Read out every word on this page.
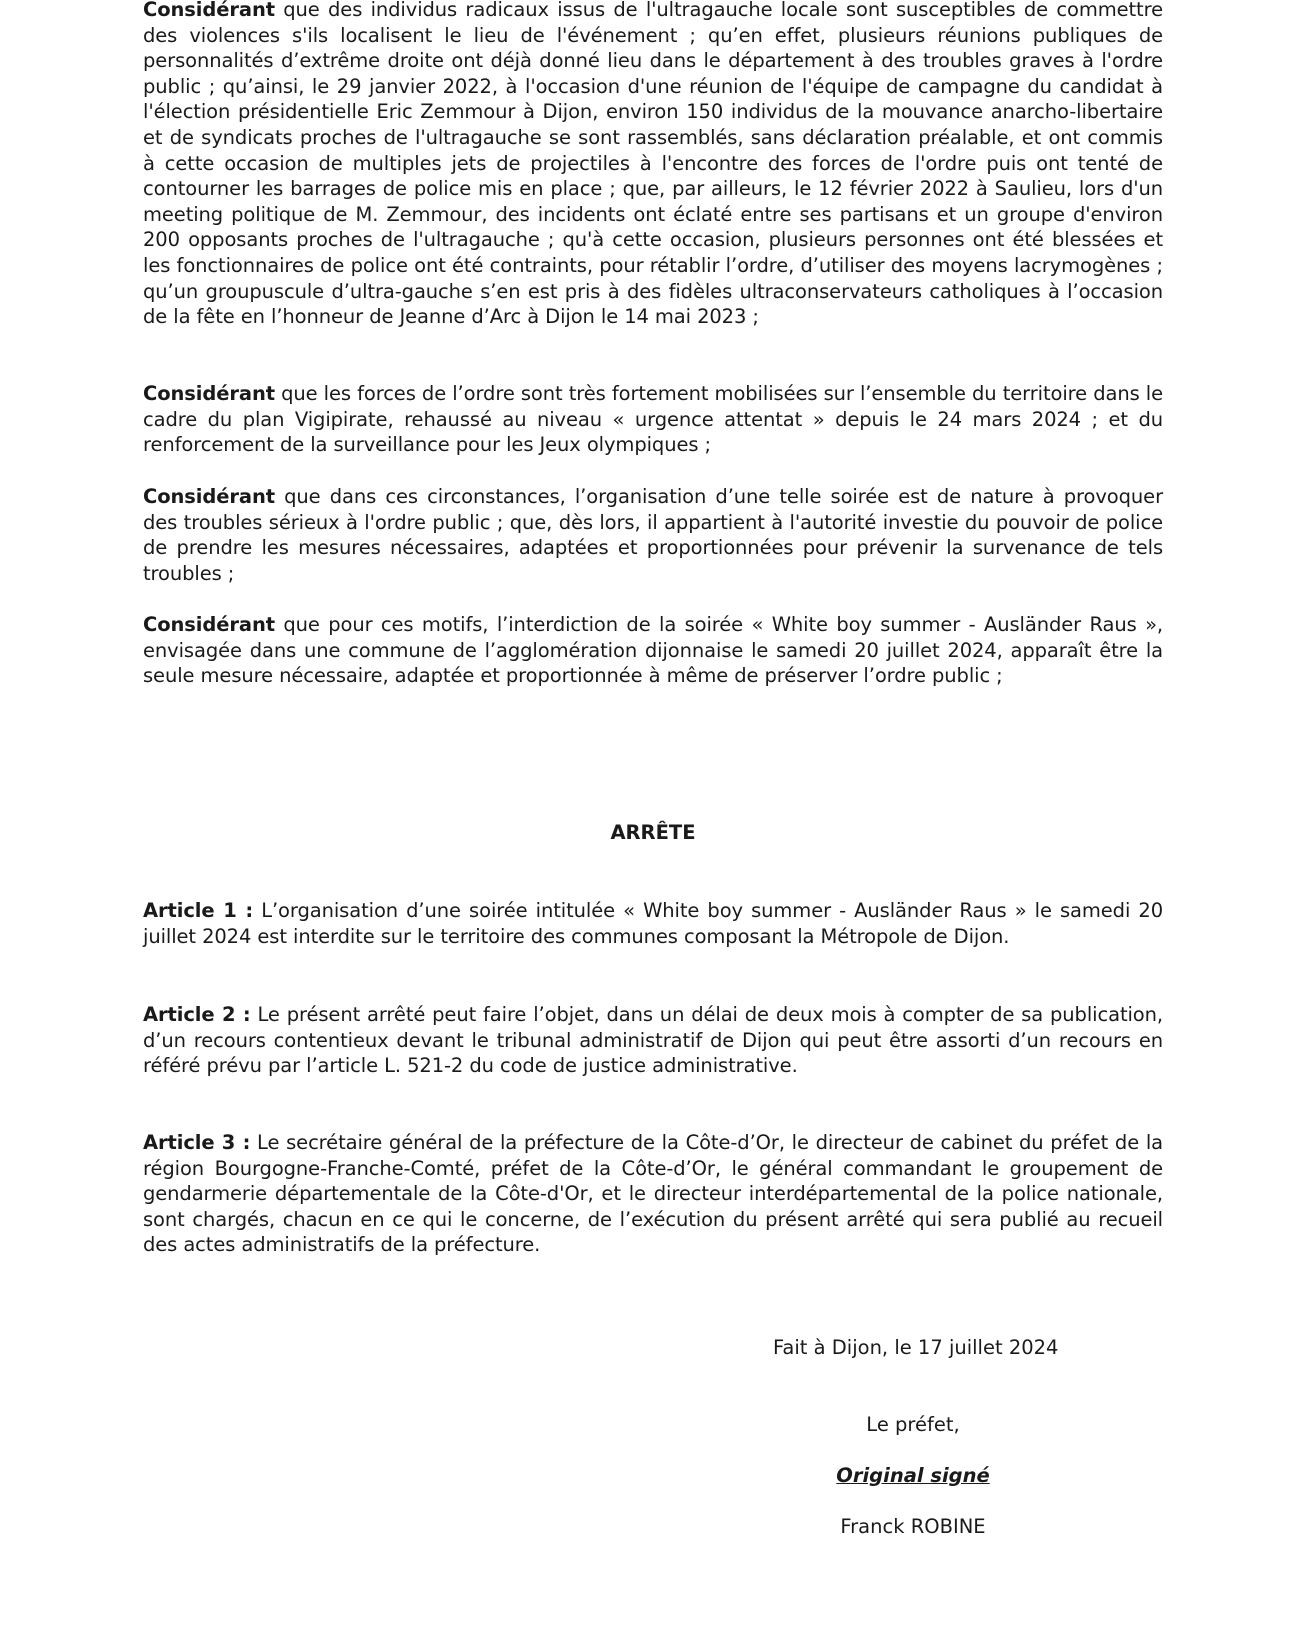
Considérant que des individus radicaux issus de l'ultragauche locale sont susceptibles de commettre des violences s'ils localisent le lieu de l'événement ; qu’en effet, plusieurs réunions publiques de personnalités d’extrême droite ont déjà donné lieu dans le département à des troubles graves à l'ordre public ; qu’ainsi, le 29 janvier 2022, à l'occasion d'une réunion de l'équipe de campagne du candidat à l'élection présidentielle Eric Zemmour à Dijon, environ 150 individus de la mouvance anarcho-libertaire et de syndicats proches de l'ultragauche se sont rassemblés, sans déclaration préalable, et ont commis à cette occasion de multiples jets de projectiles à l'encontre des forces de l'ordre puis ont tenté de contourner les barrages de police mis en place ; que, par ailleurs, le 12 février 2022 à Saulieu, lors d'un meeting politique de M. Zemmour, des incidents ont éclaté entre ses partisans et un groupe d'environ 200 opposants proches de l'ultragauche ; qu'à cette occasion, plusieurs personnes ont été blessées et les fonctionnaires de police ont été contraints, pour rétablir l’ordre, d’utiliser des moyens lacrymogènes ; qu’un groupuscule d’ultra-gauche s’en est pris à des fidèles ultraconservateurs catholiques à l’occasion de la fête en l’honneur de Jeanne d’Arc à Dijon le 14 mai 2023 ;

Considérant que les forces de l’ordre sont très fortement mobilisées sur l’ensemble du territoire dans le cadre du plan Vigipirate, rehaussé au niveau « urgence attentat » depuis le 24 mars 2024 ; et du renforcement de la surveillance pour les Jeux olympiques ;

Considérant que dans ces circonstances, l’organisation d’une telle soirée est de nature à provoquer des troubles sérieux à l'ordre public ; que, dès lors, il appartient à l'autorité investie du pouvoir de police de prendre les mesures nécessaires, adaptées et proportionnées pour prévenir la survenance de tels troubles ;

Considérant que pour ces motifs, l’interdiction de la soirée « White boy summer - Ausländer Raus », envisagée dans une commune de l’agglomération dijonnaise le samedi 20 juillet 2024, apparaît être la seule mesure nécessaire, adaptée et proportionnée à même de préserver l’ordre public ;

ARRÊTE

Article 1 : L’organisation d’une soirée intitulée « White boy summer - Ausländer Raus » le samedi 20 juillet 2024 est interdite sur le territoire des communes composant la Métropole de Dijon.

Article 2 : Le présent arrêté peut faire l’objet, dans un délai de deux mois à compter de sa publication, d’un recours contentieux devant le tribunal administratif de Dijon qui peut être assorti d’un recours en référé prévu par l’article L. 521-2 du code de justice administrative.

Article 3 : Le secrétaire général de la préfecture de la Côte-d’Or, le directeur de cabinet du préfet de la région Bourgogne-Franche-Comté, préfet de la Côte-d’Or, le général commandant le groupement de gendarmerie départementale de la Côte-d'Or, et le directeur interdépartemental de la police nationale, sont chargés, chacun en ce qui le concerne, de l’exécution du présent arrêté qui sera publié au recueil des actes administratifs de la préfecture.

Fait à Dijon, le 17 juillet 2024
Le préfet,
Original signé
Franck ROBINE
